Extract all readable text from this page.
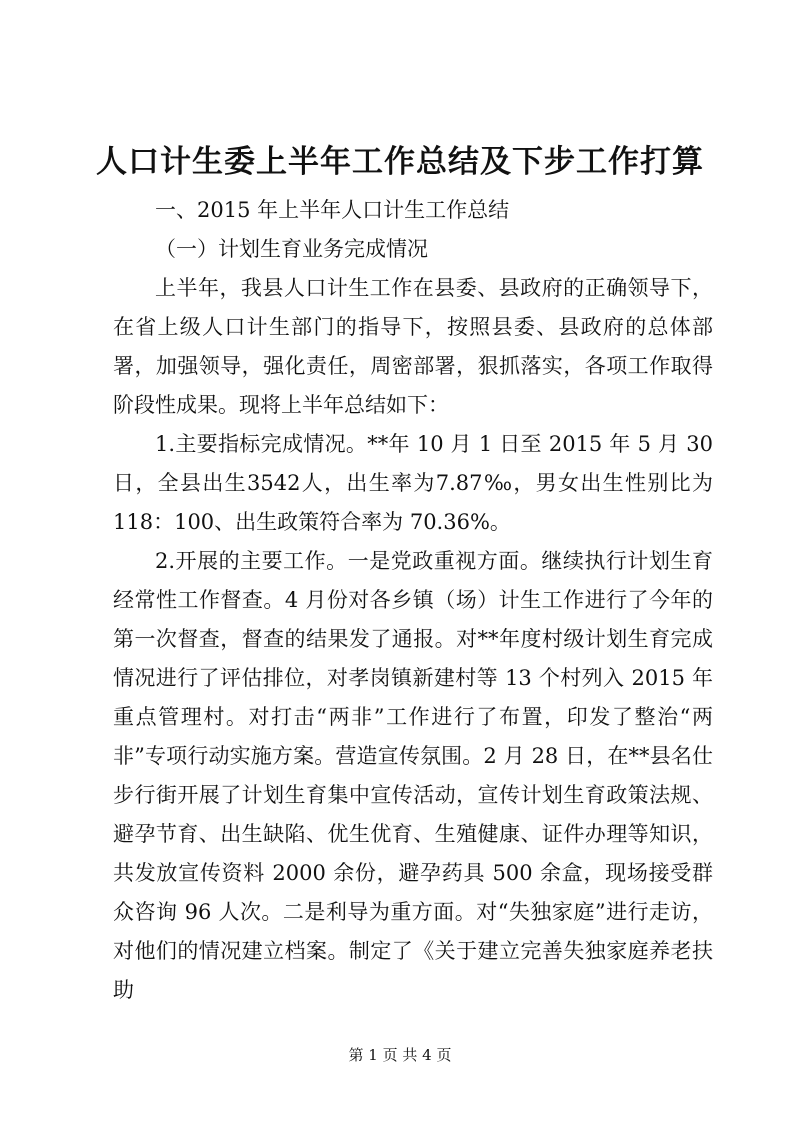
人口计生委上半年工作总结及下步工作打算

一、2015 年上半年人口计生工作总结

（一）计划生育业务完成情况

上半年，我县人口计生工作在县委、县政府的正确领导下，在省上级人口计生部门的指导下，按照县委、县政府的总体部署，加强领导，强化责任，周密部署，狠抓落实，各项工作取得阶段性成果。现将上半年总结如下：

1.主要指标完成情况。**年 10 月 1 日至 2015 年 5 月 30 日，全县出生3542人，出生率为7.87‰，男女出生性别比为118：100、出生政策符合率为 70.36%。

2.开展的主要工作。一是党政重视方面。继续执行计划生育经常性工作督查。4 月份对各乡镇（场）计生工作进行了今年的第一次督查，督查的结果发了通报。对**年度村级计划生育完成情况进行了评估排位，对孝岗镇新建村等 13 个村列入 2015 年重点管理村。对打击“两非”工作进行了布置，印发了整治“两非”专项行动实施方案。营造宣传氛围。2 月 28 日，在**县名仕步行街开展了计划生育集中宣传活动，宣传计划生育政策法规、避孕节育、出生缺陷、优生优育、生殖健康、证件办理等知识，共发放宣传资料 2000 余份，避孕药具 500 余盒，现场接受群众咨询 96 人次。二是利导为重方面。对“失独家庭”进行走访，对他们的情况建立档案。制定了《关于建立完善失独家庭养老扶助

第 1 页 共 4 页
